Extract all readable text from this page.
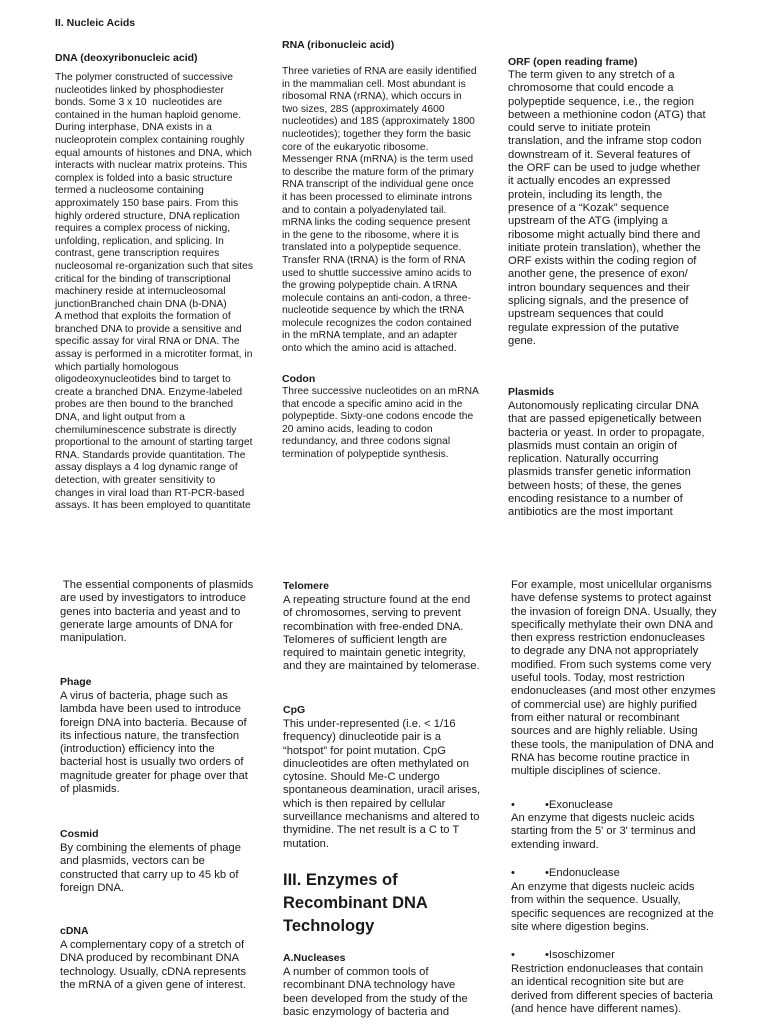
II. Nucleic Acids
DNA (deoxyribonucleic acid)
The polymer constructed of successive
nucleotides linked by phosphodiester
bonds. Some 3 x 10  nucleotides are
contained in the human haploid genome.
During interphase, DNA exists in a
nucleoprotein complex containing roughly
equal amounts of histones and DNA, which
interacts with nuclear matrix proteins. This
complex is folded into a basic structure
termed a nucleosome containing
approximately 150 base pairs. From this
highly ordered structure, DNA replication
requires a complex process of nicking,
unfolding, replication, and splicing. In
contrast, gene transcription requires
nucleosomal re-organization such that sites
critical for the binding of transcriptional
machinery reside at internucleosomal
junctionBranched chain DNA (b-DNA)
A method that exploits the formation of
branched DNA to provide a sensitive and
specific assay for viral RNA or DNA. The
assay is performed in a microtiter format, in
which partially homologous
oligodeoxynucleotides bind to target to
create a branched DNA. Enzyme-labeled
probes are then bound to the branched
DNA, and light output from a
chemiluminescence substrate is directly
proportional to the amount of starting target
RNA. Standards provide quantitation. The
assay displays a 4 log dynamic range of
detection, with greater sensitivity to
changes in viral load than RT-PCR-based
assays. It has been employed to quantitate
RNA (ribonucleic acid)
Three varieties of RNA are easily identified
in the mammalian cell. Most abundant is
ribosomal RNA (rRNA), which occurs in
two sizes, 28S (approximately 4600
nucleotides) and 18S (approximately 1800
nucleotides); together they form the basic
core of the eukaryotic ribosome.
Messenger RNA (mRNA) is the term used
to describe the mature form of the primary
RNA transcript of the individual gene once
it has been processed to eliminate introns
and to contain a polyadenylated tail.
mRNA links the coding sequence present
in the gene to the ribosome, where it is
translated into a polypeptide sequence.
Transfer RNA (tRNA) is the form of RNA
used to shuttle successive amino acids to
the growing polypeptide chain. A tRNA
molecule contains an anti-codon, a three-
nucleotide sequence by which the tRNA
molecule recognizes the codon contained
in the mRNA template, and an adapter
onto which the amino acid is attached.
Codon
Three successive nucleotides on an mRNA
that encode a specific amino acid in the
polypeptide. Sixty-one codons encode the
20 amino acids, leading to codon
redundancy, and three codons signal
termination of polypeptide synthesis.
ORF (open reading frame)
The term given to any stretch of a
chromosome that could encode a
polypeptide sequence, i.e., the region
between a methionine codon (ATG) that
could serve to initiate protein
translation, and the inframe stop codon
downstream of it. Several features of
the ORF can be used to judge whether
it actually encodes an expressed
protein, including its length, the
presence of a “Kozak” sequence
upstream of the ATG (implying a
ribosome might actually bind there and
initiate protein translation), whether the
ORF exists within the coding region of
another gene, the presence of exon/
intron boundary sequences and their
splicing signals, and the presence of
upstream sequences that could
regulate expression of the putative
gene.
Plasmids
Autonomously replicating circular DNA
that are passed epigenetically between
bacteria or yeast. In order to propagate,
plasmids must contain an origin of
replication. Naturally occurring
plasmids transfer genetic information
between hosts; of these, the genes
encoding resistance to a number of
antibiotics are the most important
The essential components of plasmids
are used by investigators to introduce
genes into bacteria and yeast and to
generate large amounts of DNA for
manipulation.
Phage
A virus of bacteria, phage such as
lambda have been used to introduce
foreign DNA into bacteria. Because of
its infectious nature, the transfection
(introduction) efficiency into the
bacterial host is usually two orders of
magnitude greater for phage over that
of plasmids.
Cosmid
By combining the elements of phage
and plasmids, vectors can be
constructed that carry up to 45 kb of
foreign DNA.
cDNA
A complementary copy of a stretch of
DNA produced by recombinant DNA
technology. Usually, cDNA represents
the mRNA of a given gene of interest.
Telomere
A repeating structure found at the end
of chromosomes, serving to prevent
recombination with free-ended DNA.
Telomeres of sufficient length are
required to maintain genetic integrity,
and they are maintained by telomerase.
CpG
This under-represented (i.e. < 1/16
frequency) dinucleotide pair is a
“hotspot” for point mutation. CpG
dinucleotides are often methylated on
cytosine. Should Me-C undergo
spontaneous deamination, uracil arises,
which is then repaired by cellular
surveillance mechanisms and altered to
thymidine. The net result is a C to T
mutation.
III. Enzymes of
Recombinant DNA
Technology
A.Nucleases
A number of common tools of
recombinant DNA technology have
been developed from the study of the
basic enzymology of bacteria and
For example, most unicellular organisms
have defense systems to protect against
the invasion of foreign DNA. Usually, they
specifically methylate their own DNA and
then express restriction endonucleases
to degrade any DNA not appropriately
modified. From such systems come very
useful tools. Today, most restriction
endonucleases (and most other enzymes
of commercial use) are highly purified
from either natural or recombinant
sources and are highly reliable. Using
these tools, the manipulation of DNA and
RNA has become routine practice in
multiple disciplines of science.
•	•Exonuclease
An enzyme that digests nucleic acids
starting from the 5' or 3' terminus and
extending inward.
•	•Endonuclease
An enzyme that digests nucleic acids
from within the sequence. Usually,
specific sequences are recognized at the
site where digestion begins.
•	•Isoschizomer
Restriction endonucleases that contain
an identical recognition site but are
derived from different species of bacteria
(and hence have different names).
